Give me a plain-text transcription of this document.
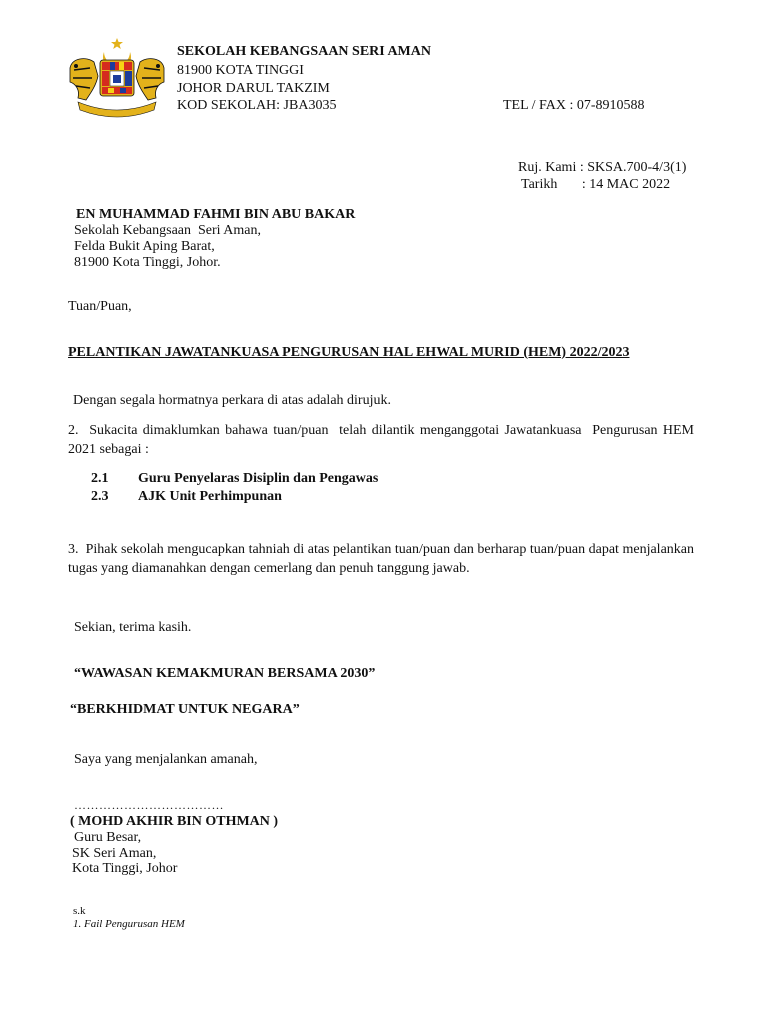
SEKOLAH KEBANGSAAN SERI AMAN
81900 KOTA TINGGI
JOHOR DARUL TAKZIM
KOD SEKOLAH: JBA3035	TEL / FAX : 07-8910588
Ruj. Kami : SKSA.700-4/3(1)
Tarikh       : 14 MAC 2022
EN MUHAMMAD FAHMI BIN ABU BAKAR
Sekolah Kebangsaan  Seri Aman,
Felda Bukit Aping Barat,
81900 Kota Tinggi, Johor.
Tuan/Puan,
PELANTIKAN JAWATANKUASA PENGURUSAN HAL EHWAL MURID (HEM) 2022/2023
Dengan segala hormatnya perkara di atas adalah dirujuk.
2.  Sukacita dimaklumkan bahawa tuan/puan  telah dilantik menganggotai Jawatankuasa  Pengurusan HEM 2021 sebagai :
2.1 Guru Penyelaras Disiplin dan Pengawas
2.3 AJK Unit Perhimpunan
3.  Pihak sekolah mengucapkan tahniah di atas pelantikan tuan/puan dan berharap tuan/puan dapat menjalankan tugas yang diamanahkan dengan cemerlang dan penuh tanggung jawab.
Sekian, terima kasih.
“WAWASAN KEMAKMURAN BERSAMA 2030”
“BERKHIDMAT UNTUK NEGARA”
Saya yang menjalankan amanah,
………………………………
( MOHD AKHIR BIN OTHMAN )
Guru Besar,
SK Seri Aman,
Kota Tinggi, Johor
s.k
1. Fail Pengurusan HEM
